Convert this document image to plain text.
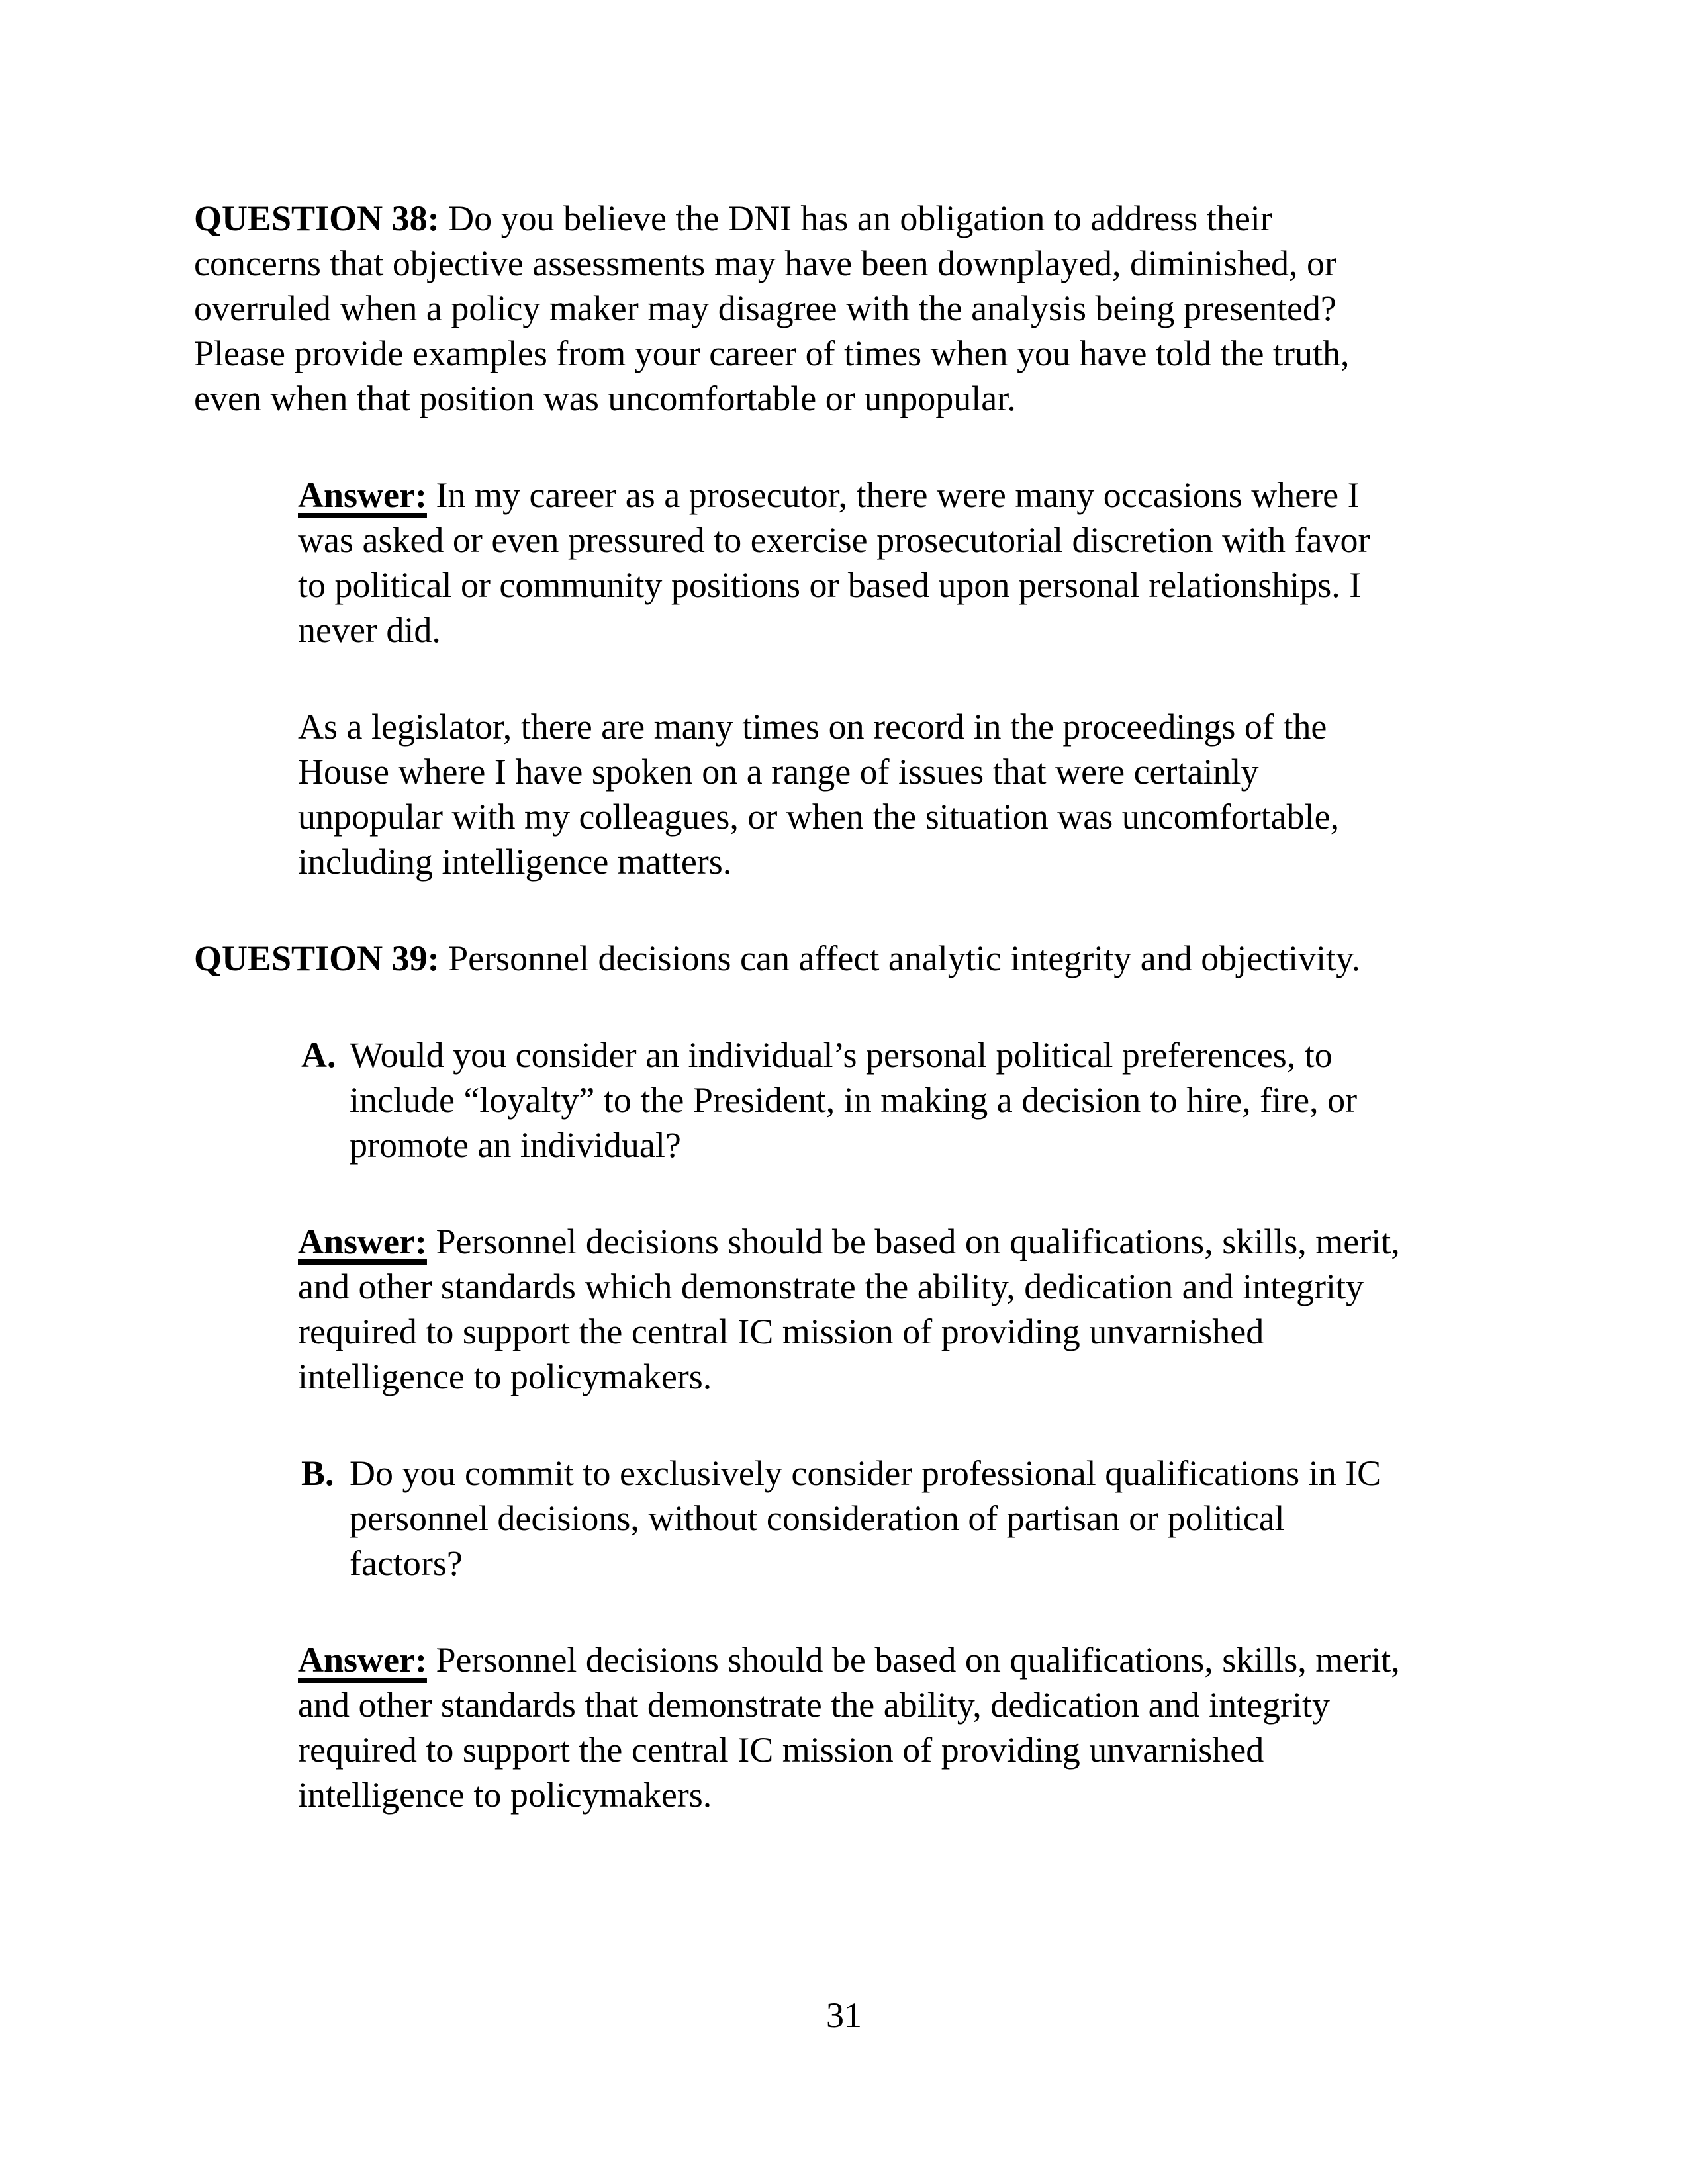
QUESTION 38: Do you believe the DNI has an obligation to address their
concerns that objective assessments may have been downplayed, diminished, or
overruled when a policy maker may disagree with the analysis being presented?
Please provide examples from your career of times when you have told the truth,
even when that position was uncomfortable or unpopular.
Answer: In my career as a prosecutor, there were many occasions where I
was asked or even pressured to exercise prosecutorial discretion with favor
to political or community positions or based upon personal relationships. I
never did.
As a legislator, there are many times on record in the proceedings of the
House where I have spoken on a range of issues that were certainly
unpopular with my colleagues, or when the situation was uncomfortable,
including intelligence matters.
QUESTION 39: Personnel decisions can affect analytic integrity and objectivity.
A. Would you consider an individual’s personal political preferences, to
include “loyalty” to the President, in making a decision to hire, fire, or
promote an individual?
Answer: Personnel decisions should be based on qualifications, skills, merit,
and other standards which demonstrate the ability, dedication and integrity
required to support the central IC mission of providing unvarnished
intelligence to policymakers.
B. Do you commit to exclusively consider professional qualifications in IC
personnel decisions, without consideration of partisan or political
factors?
Answer: Personnel decisions should be based on qualifications, skills, merit,
and other standards that demonstrate the ability, dedication and integrity
required to support the central IC mission of providing unvarnished
intelligence to policymakers.
31
